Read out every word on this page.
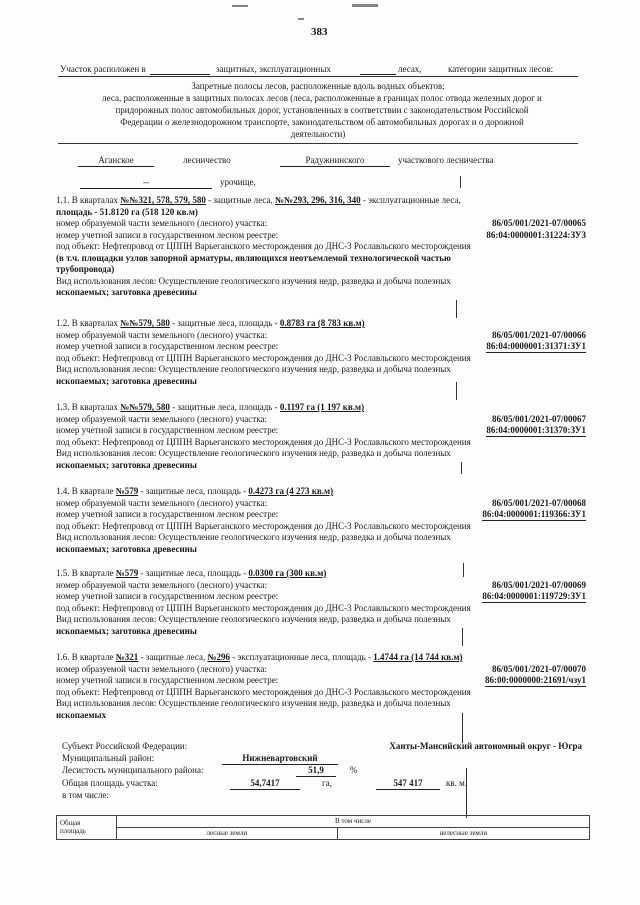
383
Участок расположен в	защитных, эксплуатационных	лесах,	категории защитных лесов:
Запретные полосы лесов, расположенные вдоль водных объектов;
леса, расположенные в защитных полосах лесов (леса, расположенные в границах полос отвода железных дорог и
придорожных полос автомобильных дорог, установленных в соответствии с законодательством Российской
Федерации о железнодорожном транспорте, законодательством об автомобильных дорогах и о дорожной
деятельности)
Аганское	лесничество	Радужнинского	участкового лесничества
--	урочище,
1.1. В кварталах №№321, 578, 579, 580 - защитные леса, №№293, 296, 316, 340 - эксплуатационные леса,
площадь - 51.8120 га (518 120 кв.м)
номер образуемой части земельного (лесного) участка:	86/05/001/2021-07/00065
номер учетной записи в государственном лесном реестре:	86:04:0000001:31224:ЗУ3
под объект: Нефтепровод от ЦППН Варьеганского месторождения до ДНС-3 Рославльского месторождения
(в т.ч. площадки узлов запорной арматуры, являющихся неотъемлемой технологической частью
трубопровода)
Вид использования лесов: Осуществление геологического изучения недр, разведка и добыча полезных
ископаемых; заготовка древесины
1.2. В кварталах №№579, 580 - защитные леса, площадь - 0.8783 га (8 783 кв.м)
номер образуемой части земельного (лесного) участка:	86/05/001/2021-07/00066
номер учетной записи в государственном лесном реестре:	86:04:0000001:31371:ЗУ1
под объект: Нефтепровод от ЦППН Варьеганского месторождения до ДНС-3 Рославльского месторождения
Вид использования лесов: Осуществление геологического изучения недр, разведка и добыча полезных
ископаемых; заготовка древесины
1.3. В кварталах №№579, 580 - защитные леса, площадь - 0.1197 га (1 197 кв.м)
номер образуемой части земельного (лесного) участка:	86/05/001/2021-07/00067
номер учетной записи в государственном лесном реестре:	86:04:0000001:31370:ЗУ1
под объект: Нефтепровод от ЦППН Варьеганского месторождения до ДНС-3 Рославльского месторождения
Вид использования лесов: Осуществление геологического изучения недр, разведка и добыча полезных
ископаемых; заготовка древесины
1.4. В квартале №579 - защитные леса, площадь - 0.4273 га (4 273 кв.м)
номер образуемой части земельного (лесного) участка:	86/05/001/2021-07/00068
номер учетной записи в государственном лесном реестре:	86:04:0000001:119366:ЗУ1
под объект: Нефтепровод от ЦППН Варьеганского месторождения до ДНС-3 Рославльского месторождения
Вид использования лесов: Осуществление геологического изучения недр, разведка и добыча полезных
ископаемых; заготовка древесины
1.5. В квартале №579 - защитные леса, площадь - 0.0300 га (300 кв.м)
номер образуемой части земельного (лесного) участка:	86/05/001/2021-07/00069
номер учетной записи в государственном лесном реестре:	86:04:0000001:119729:ЗУ1
под объект: Нефтепровод от ЦППН Варьеганского месторождения до ДНС-3 Рославльского месторождения
Вид использования лесов: Осуществление геологического изучения недр, разведка и добыча полезных
ископаемых; заготовка древесины
1.6. В квартале №321 - защитные леса, №296 - эксплуатационные леса, площадь - 1.4744 га (14 744 кв.м)
номер образуемой части земельного (лесного) участка:	86/05/001/2021-07/00070
номер учетной записи в государственном лесном реестре:	86:00:0000000:21691/чзу1
под объект: Нефтепровод от ЦППН Варьеганского месторождения до ДНС-3 Рославльского месторождения
Вид использования лесов: Осуществление геологического изучения недр, разведка и добыча полезных
ископаемых
Субъект Российской Федерации:	Ханты-Мансийский автономный округ - Югра
Муниципальный район:	Нижневартовский
Лесистость муниципального района:	51,9	%
Общая площадь участка:	54,7417	га,	547 417	кв. м.
в том числе:
Общая
площадь	В том числе	
	лесные земли	нелесные земли
